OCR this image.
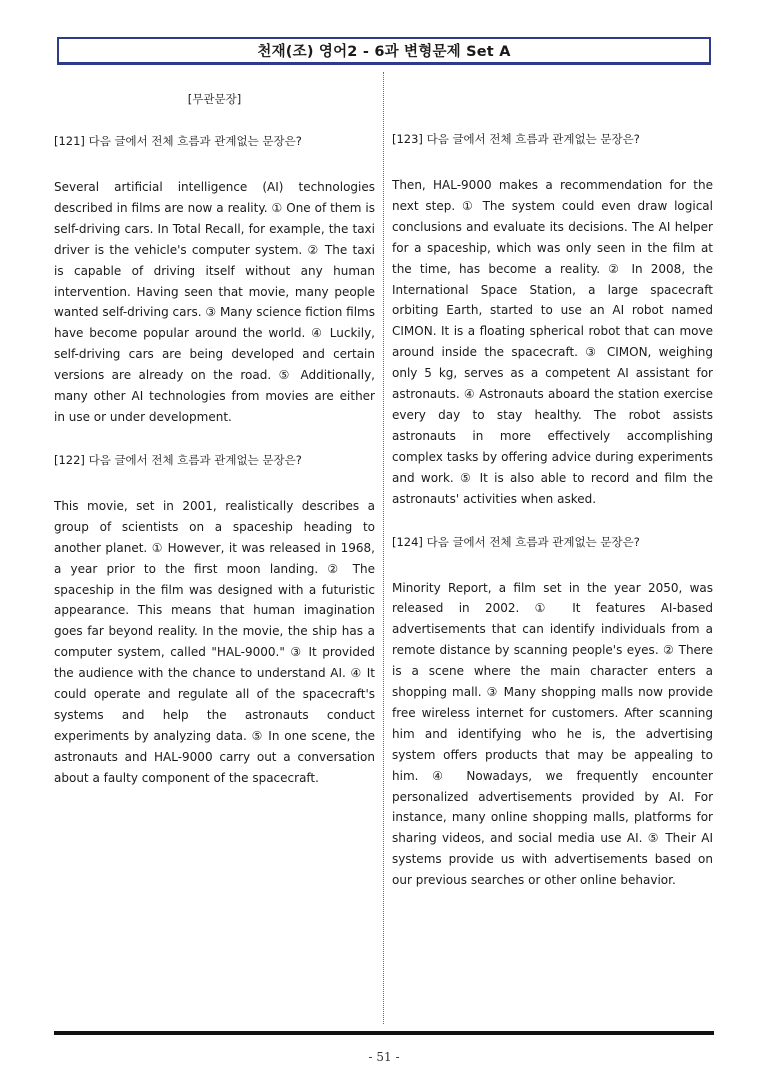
천재(조) 영어2 - 6과 변형문제 Set A
[무관문장]
[121] 다음 글에서 전체 흐름과 관계없는 문장은?
Several artificial intelligence (AI) technologies described in films are now a reality. ① One of them is self-driving cars. In Total Recall, for example, the taxi driver is the vehicle's computer system. ② The taxi is capable of driving itself without any human intervention. Having seen that movie, many people wanted self-driving cars. ③ Many science fiction films have become popular around the world. ④ Luckily, self-driving cars are being developed and certain versions are already on the road. ⑤ Additionally, many other AI technologies from movies are either in use or under development.
[122] 다음 글에서 전체 흐름과 관계없는 문장은?
This movie, set in 2001, realistically describes a group of scientists on a spaceship heading to another planet. ① However, it was released in 1968, a year prior to the first moon landing. ② The spaceship in the film was designed with a futuristic appearance. This means that human imagination goes far beyond reality. In the movie, the ship has a computer system, called "HAL-9000." ③ It provided the audience with the chance to understand AI. ④ It could operate and regulate all of the spacecraft's systems and help the astronauts conduct experiments by analyzing data. ⑤ In one scene, the astronauts and HAL-9000 carry out a conversation about a faulty component of the spacecraft.
[123] 다음 글에서 전체 흐름과 관계없는 문장은?
Then, HAL-9000 makes a recommendation for the next step. ① The system could even draw logical conclusions and evaluate its decisions. The AI helper for a spaceship, which was only seen in the film at the time, has become a reality. ② In 2008, the International Space Station, a large spacecraft orbiting Earth, started to use an AI robot named CIMON. It is a floating spherical robot that can move around inside the spacecraft. ③ CIMON, weighing only 5 kg, serves as a competent AI assistant for astronauts. ④ Astronauts aboard the station exercise every day to stay healthy. The robot assists astronauts in more effectively accomplishing complex tasks by offering advice during experiments and work. ⑤ It is also able to record and film the astronauts' activities when asked.
[124] 다음 글에서 전체 흐름과 관계없는 문장은?
Minority Report, a film set in the year 2050, was released in 2002. ① It features AI-based advertisements that can identify individuals from a remote distance by scanning people's eyes. ② There is a scene where the main character enters a shopping mall. ③ Many shopping malls now provide free wireless internet for customers. After scanning him and identifying who he is, the advertising system offers products that may be appealing to him. ④ Nowadays, we frequently encounter personalized advertisements provided by AI. For instance, many online shopping malls, platforms for sharing videos, and social media use AI. ⑤ Their AI systems provide us with advertisements based on our previous searches or other online behavior.
- 51 -
